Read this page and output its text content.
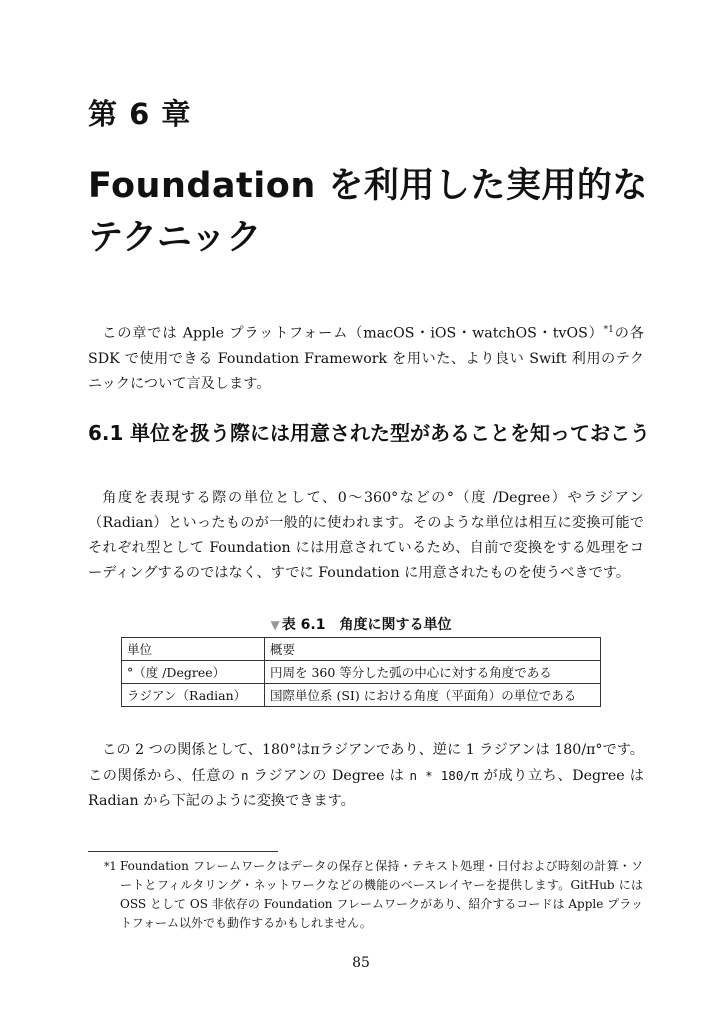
第 6 章
Foundation を利用した実用的な
テクニック
この章では Apple プラットフォーム（macOS・iOS・watchOS・tvOS）$^{*1}$の各SDK で使用できる Foundation Framework を用いた、より良い Swift 利用のテクニックについて言及します。
6.1 単位を扱う際には用意された型があることを知っておこう
角度を表現する際の単位として、0〜360°などの°（度 /Degree）やラジアン（Radian）といったものが一般的に使われます。そのような単位は相互に変換可能でそれぞれ型として Foundation には用意されているため、自前で変換をする処理をコーディングするのではなく、すでに Foundation に用意されたものを使うべきです。
▼ 表 6.1　角度に関する単位
単位	概要
°（度 /Degree）	円周を 360 等分した弧の中心に対する角度である
ラジアン（Radian）	国際単位系 (SI) における角度（平面角）の単位である
この 2 つの関係として、180°はπラジアンであり、逆に 1 ラジアンは 180/π°です。この関係から、任意の n ラジアンの Degree は n * 180/π が成り立ち、Degree は Radian から下記のように変換できます。
*1 Foundation フレームワークはデータの保存と保持・テキスト処理・日付および時刻の計算・ソートとフィルタリング・ネットワークなどの機能のベースレイヤーを提供します。GitHub には OSS として OS 非依存の Foundation フレームワークがあり、紹介するコードは Apple プラットフォーム以外でも動作するかもしれません。
85
